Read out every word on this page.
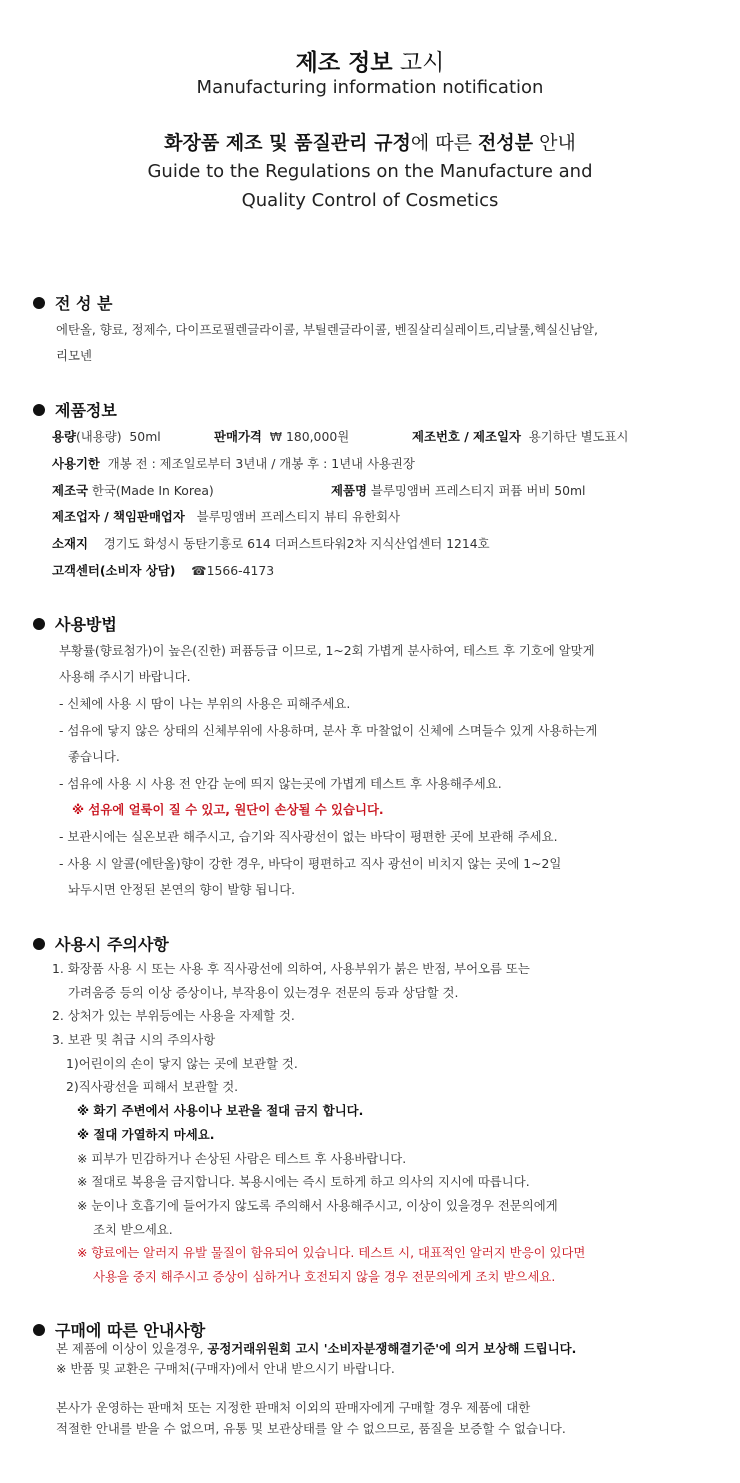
제조 정보 고시
Manufacturing information notification
화장품 제조 및 품질관리 규정에 따른 전성분 안내
Guide to the Regulations on the Manufacture and
Quality Control of Cosmetics
전 성 분
에탄올, 향료, 정제수, 다이프로필렌글라이콜, 부틸렌글라이콜, 벤질살리실레이트,리날룰,헥실신남알,
리모넨
제품정보
용량(내용량) 50ml	판매가격 ₩ 180,000원	제조번호 / 제조일자 용기하단 별도표시
사용기한 개봉 전 : 제조일로부터 3년내 / 개봉 후 : 1년내 사용권장
제조국 한국(Made In Korea)	제품명 블루밍앰버 프레스티지 퍼퓸 버비 50ml
제조업자 / 책임판매업자 블루밍앰버 프레스티지 뷰티 유한회사
소재지 경기도 화성시 동탄기흥로 614 더퍼스트타워2차 지식산업센터 1214호
고객센터(소비자 상담) ☎1566-4173
사용방법
부황률(향료첨가)이 높은(진한) 퍼퓸등급 이므로, 1~2회 가볍게 분사하여, 테스트 후 기호에 알맞게
사용해 주시기 바랍니다.
- 신체에 사용 시 땀이 나는 부위의 사용은 피해주세요.
- 섬유에 닿지 않은 상태의 신체부위에 사용하며, 분사 후 마찰없이 신체에 스며들수 있게 사용하는게
좋습니다.
- 섬유에 사용 시 사용 전 안감 눈에 띄지 않는곳에 가볍게 테스트 후 사용해주세요.
※ 섬유에 얼룩이 질 수 있고, 원단이 손상될 수 있습니다.
- 보관시에는 실온보관 해주시고, 습기와 직사광선이 없는 바닥이 평편한 곳에 보관해 주세요.
- 사용 시 알콜(에탄올)향이 강한 경우, 바닥이 평편하고 직사 광선이 비치지 않는 곳에 1~2일
놔두시면 안정된 본연의 향이 발향 됩니다.
사용시 주의사항
1. 화장품 사용 시 또는 사용 후 직사광선에 의하여, 사용부위가 붉은 반점, 부어오름 또는
가려움증 등의 이상 증상이나, 부작용이 있는경우 전문의 등과 상담할 것.
2. 상처가 있는 부위등에는 사용을 자제할 것.
3. 보관 및 취급 시의 주의사항
1)어린이의 손이 닿지 않는 곳에 보관할 것.
2)직사광선을 피해서 보관할 것.
※ 화기 주변에서 사용이나 보관을 절대 금지 합니다.
※ 절대 가열하지 마세요.
※ 피부가 민감하거나 손상된 사람은 테스트 후 사용바랍니다.
※ 절대로 복용을 금지합니다. 복용시에는 즉시 토하게 하고 의사의 지시에 따릅니다.
※ 눈이나 호흡기에 들어가지 않도록 주의해서 사용해주시고, 이상이 있을경우 전문의에게
조치 받으세요.
※ 향료에는 알러지 유발 물질이 함유되어 있습니다. 테스트 시, 대표적인 알러지 반응이 있다면
사용을 중지 해주시고 증상이 심하거나 호전되지 않을 경우 전문의에게 조치 받으세요.
구매에 따른 안내사항
본 제품에 이상이 있을경우, 공정거래위원회 고시 '소비자분쟁해결기준'에 의거 보상해 드립니다.
※ 반품 및 교환은 구매처(구매자)에서 안내 받으시기 바랍니다.
본사가 운영하는 판매처 또는 지정한 판매처 이외의 판매자에게 구매할 경우 제품에 대한
적절한 안내를 받을 수 없으며, 유통 및 보관상태를 알 수 없으므로, 품질을 보증할 수 없습니다.
